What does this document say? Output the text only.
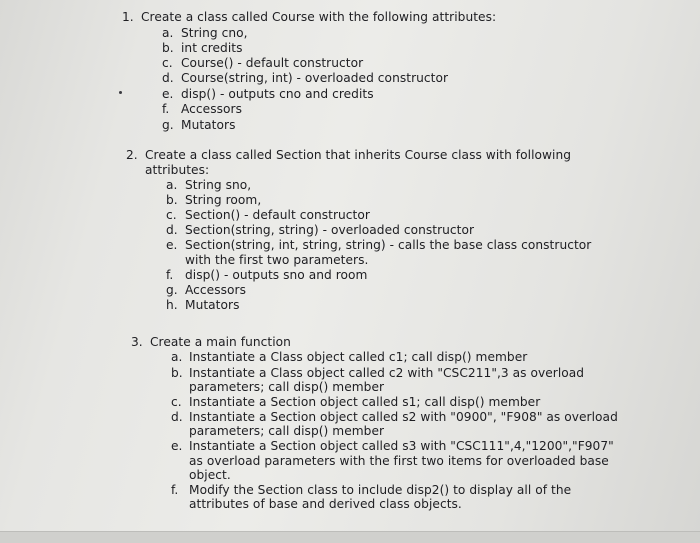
1. Create a class called Course with the following attributes:
a. String cno,
b. int credits
c. Course() - default constructor
d. Course(string, int) - overloaded constructor
e. disp() - outputs cno and credits
f. Accessors
g. Mutators
2. Create a class called Section that inherits Course class with following
attributes:
a. String sno,
b. String room,
c. Section() - default constructor
d. Section(string, string) - overloaded constructor
e. Section(string, int, string, string) - calls the base class constructor
with the first two parameters.
f. disp() - outputs sno and room
g. Accessors
h. Mutators
3. Create a main function
a. Instantiate a Class object called c1; call disp() member
b. Instantiate a Class object called c2 with "CSC211",3 as overload
parameters; call disp() member
c. Instantiate a Section object called s1; call disp() member
d. Instantiate a Section object called s2 with "0900", "F908" as overload
parameters; call disp() member
e. Instantiate a Section object called s3 with "CSC111",4,"1200","F907"
as overload parameters with the first two items for overloaded base
object.
f. Modify the Section class to include disp2() to display all of the
attributes of base and derived class objects.
